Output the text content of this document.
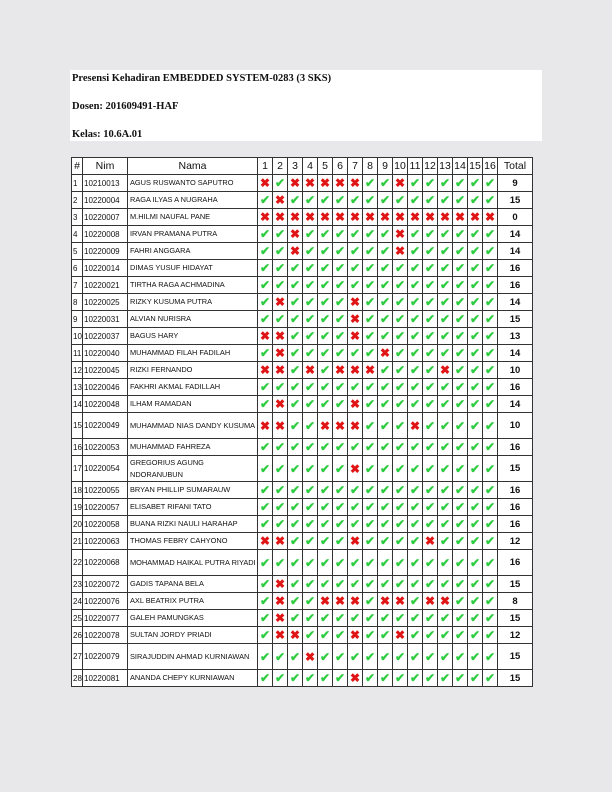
Presensi Kehadiran EMBEDDED SYSTEM-0283 (3 SKS)

Dosen: 201609491-HAF

Kelas: 10.6A.01

#	Nim	Nama	1	2	3	4	5	6	7	8	9	10	11	12	13	14	15	16	Total
1	10210013	AGUS RUSWANTO SAPUTRO	✖	✔	✖	✖	✖	✖	✖	✔	✔	✖	✔	✔	✔	✔	✔	✔	9
2	10220004	RAGA ILYAS A NUGRAHA	✔	✖	✔	✔	✔	✔	✔	✔	✔	✔	✔	✔	✔	✔	✔	✔	15
3	10220007	M.HILMI NAUFAL PANE	✖	✖	✖	✖	✖	✖	✖	✖	✖	✖	✖	✖	✖	✖	✖	✖	0
4	10220008	IRVAN PRAMANA PUTRA	✔	✔	✖	✔	✔	✔	✔	✔	✔	✖	✔	✔	✔	✔	✔	✔	14
5	10220009	FAHRI ANGGARA	✔	✔	✖	✔	✔	✔	✔	✔	✔	✖	✔	✔	✔	✔	✔	✔	14
6	10220014	DIMAS YUSUF HIDAYAT	✔	✔	✔	✔	✔	✔	✔	✔	✔	✔	✔	✔	✔	✔	✔	✔	16
7	10220021	TIRTHA RAGA ACHMADINA	✔	✔	✔	✔	✔	✔	✔	✔	✔	✔	✔	✔	✔	✔	✔	✔	16
8	10220025	RIZKY KUSUMA PUTRA	✔	✖	✔	✔	✔	✔	✖	✔	✔	✔	✔	✔	✔	✔	✔	✔	14
9	10220031	ALVIAN NURISRA	✔	✔	✔	✔	✔	✔	✖	✔	✔	✔	✔	✔	✔	✔	✔	✔	15
10	10220037	BAGUS HARY	✖	✖	✔	✔	✔	✔	✖	✔	✔	✔	✔	✔	✔	✔	✔	✔	13
11	10220040	MUHAMMAD FILAH FADILAH	✔	✖	✔	✔	✔	✔	✔	✔	✖	✔	✔	✔	✔	✔	✔	✔	14
12	10220045	RIZKI FERNANDO	✖	✖	✔	✖	✔	✖	✖	✖	✔	✔	✔	✔	✖	✔	✔	✔	10
13	10220046	FAKHRI AKMAL FADILLAH	✔	✔	✔	✔	✔	✔	✔	✔	✔	✔	✔	✔	✔	✔	✔	✔	16
14	10220048	ILHAM RAMADAN	✔	✖	✔	✔	✔	✔	✖	✔	✔	✔	✔	✔	✔	✔	✔	✔	14
15	10220049	MUHAMMAD NIAS DANDY KUSUMA	✖	✖	✔	✔	✖	✖	✖	✔	✔	✔	✖	✔	✔	✔	✔	✔	10
16	10220053	MUHAMMAD FAHREZA	✔	✔	✔	✔	✔	✔	✔	✔	✔	✔	✔	✔	✔	✔	✔	✔	16
17	10220054	GREGORIUS AGUNG NDORANUBUN	✔	✔	✔	✔	✔	✔	✖	✔	✔	✔	✔	✔	✔	✔	✔	✔	15
18	10220055	BRYAN PHILLIP SUMARAUW	✔	✔	✔	✔	✔	✔	✔	✔	✔	✔	✔	✔	✔	✔	✔	✔	16
19	10220057	ELISABET RIFANI TATO	✔	✔	✔	✔	✔	✔	✔	✔	✔	✔	✔	✔	✔	✔	✔	✔	16
20	10220058	BUANA RIZKI NAULI HARAHAP	✔	✔	✔	✔	✔	✔	✔	✔	✔	✔	✔	✔	✔	✔	✔	✔	16
21	10220063	THOMAS FEBRY CAHYONO	✖	✖	✔	✔	✔	✔	✖	✔	✔	✔	✔	✖	✔	✔	✔	✔	12
22	10220068	MOHAMMAD HAIKAL PUTRA RIYADI	✔	✔	✔	✔	✔	✔	✔	✔	✔	✔	✔	✔	✔	✔	✔	✔	16
23	10220072	GADIS TAPANA BELA	✔	✖	✔	✔	✔	✔	✔	✔	✔	✔	✔	✔	✔	✔	✔	✔	15
24	10220076	AXL BEATRIX PUTRA	✔	✖	✔	✔	✖	✖	✖	✔	✖	✖	✔	✖	✖	✔	✔	✔	8
25	10220077	GALEH PAMUNGKAS	✔	✖	✔	✔	✔	✔	✔	✔	✔	✔	✔	✔	✔	✔	✔	✔	15
26	10220078	SULTAN JORDY PRIADI	✔	✖	✖	✔	✔	✔	✖	✔	✔	✖	✔	✔	✔	✔	✔	✔	12
27	10220079	SIRAJUDDIN AHMAD KURNIAWAN	✔	✔	✔	✖	✔	✔	✔	✔	✔	✔	✔	✔	✔	✔	✔	✔	15
28	10220081	ANANDA CHEPY KURNIAWAN	✔	✔	✔	✔	✔	✔	✖	✔	✔	✔	✔	✔	✔	✔	✔	✔	15
